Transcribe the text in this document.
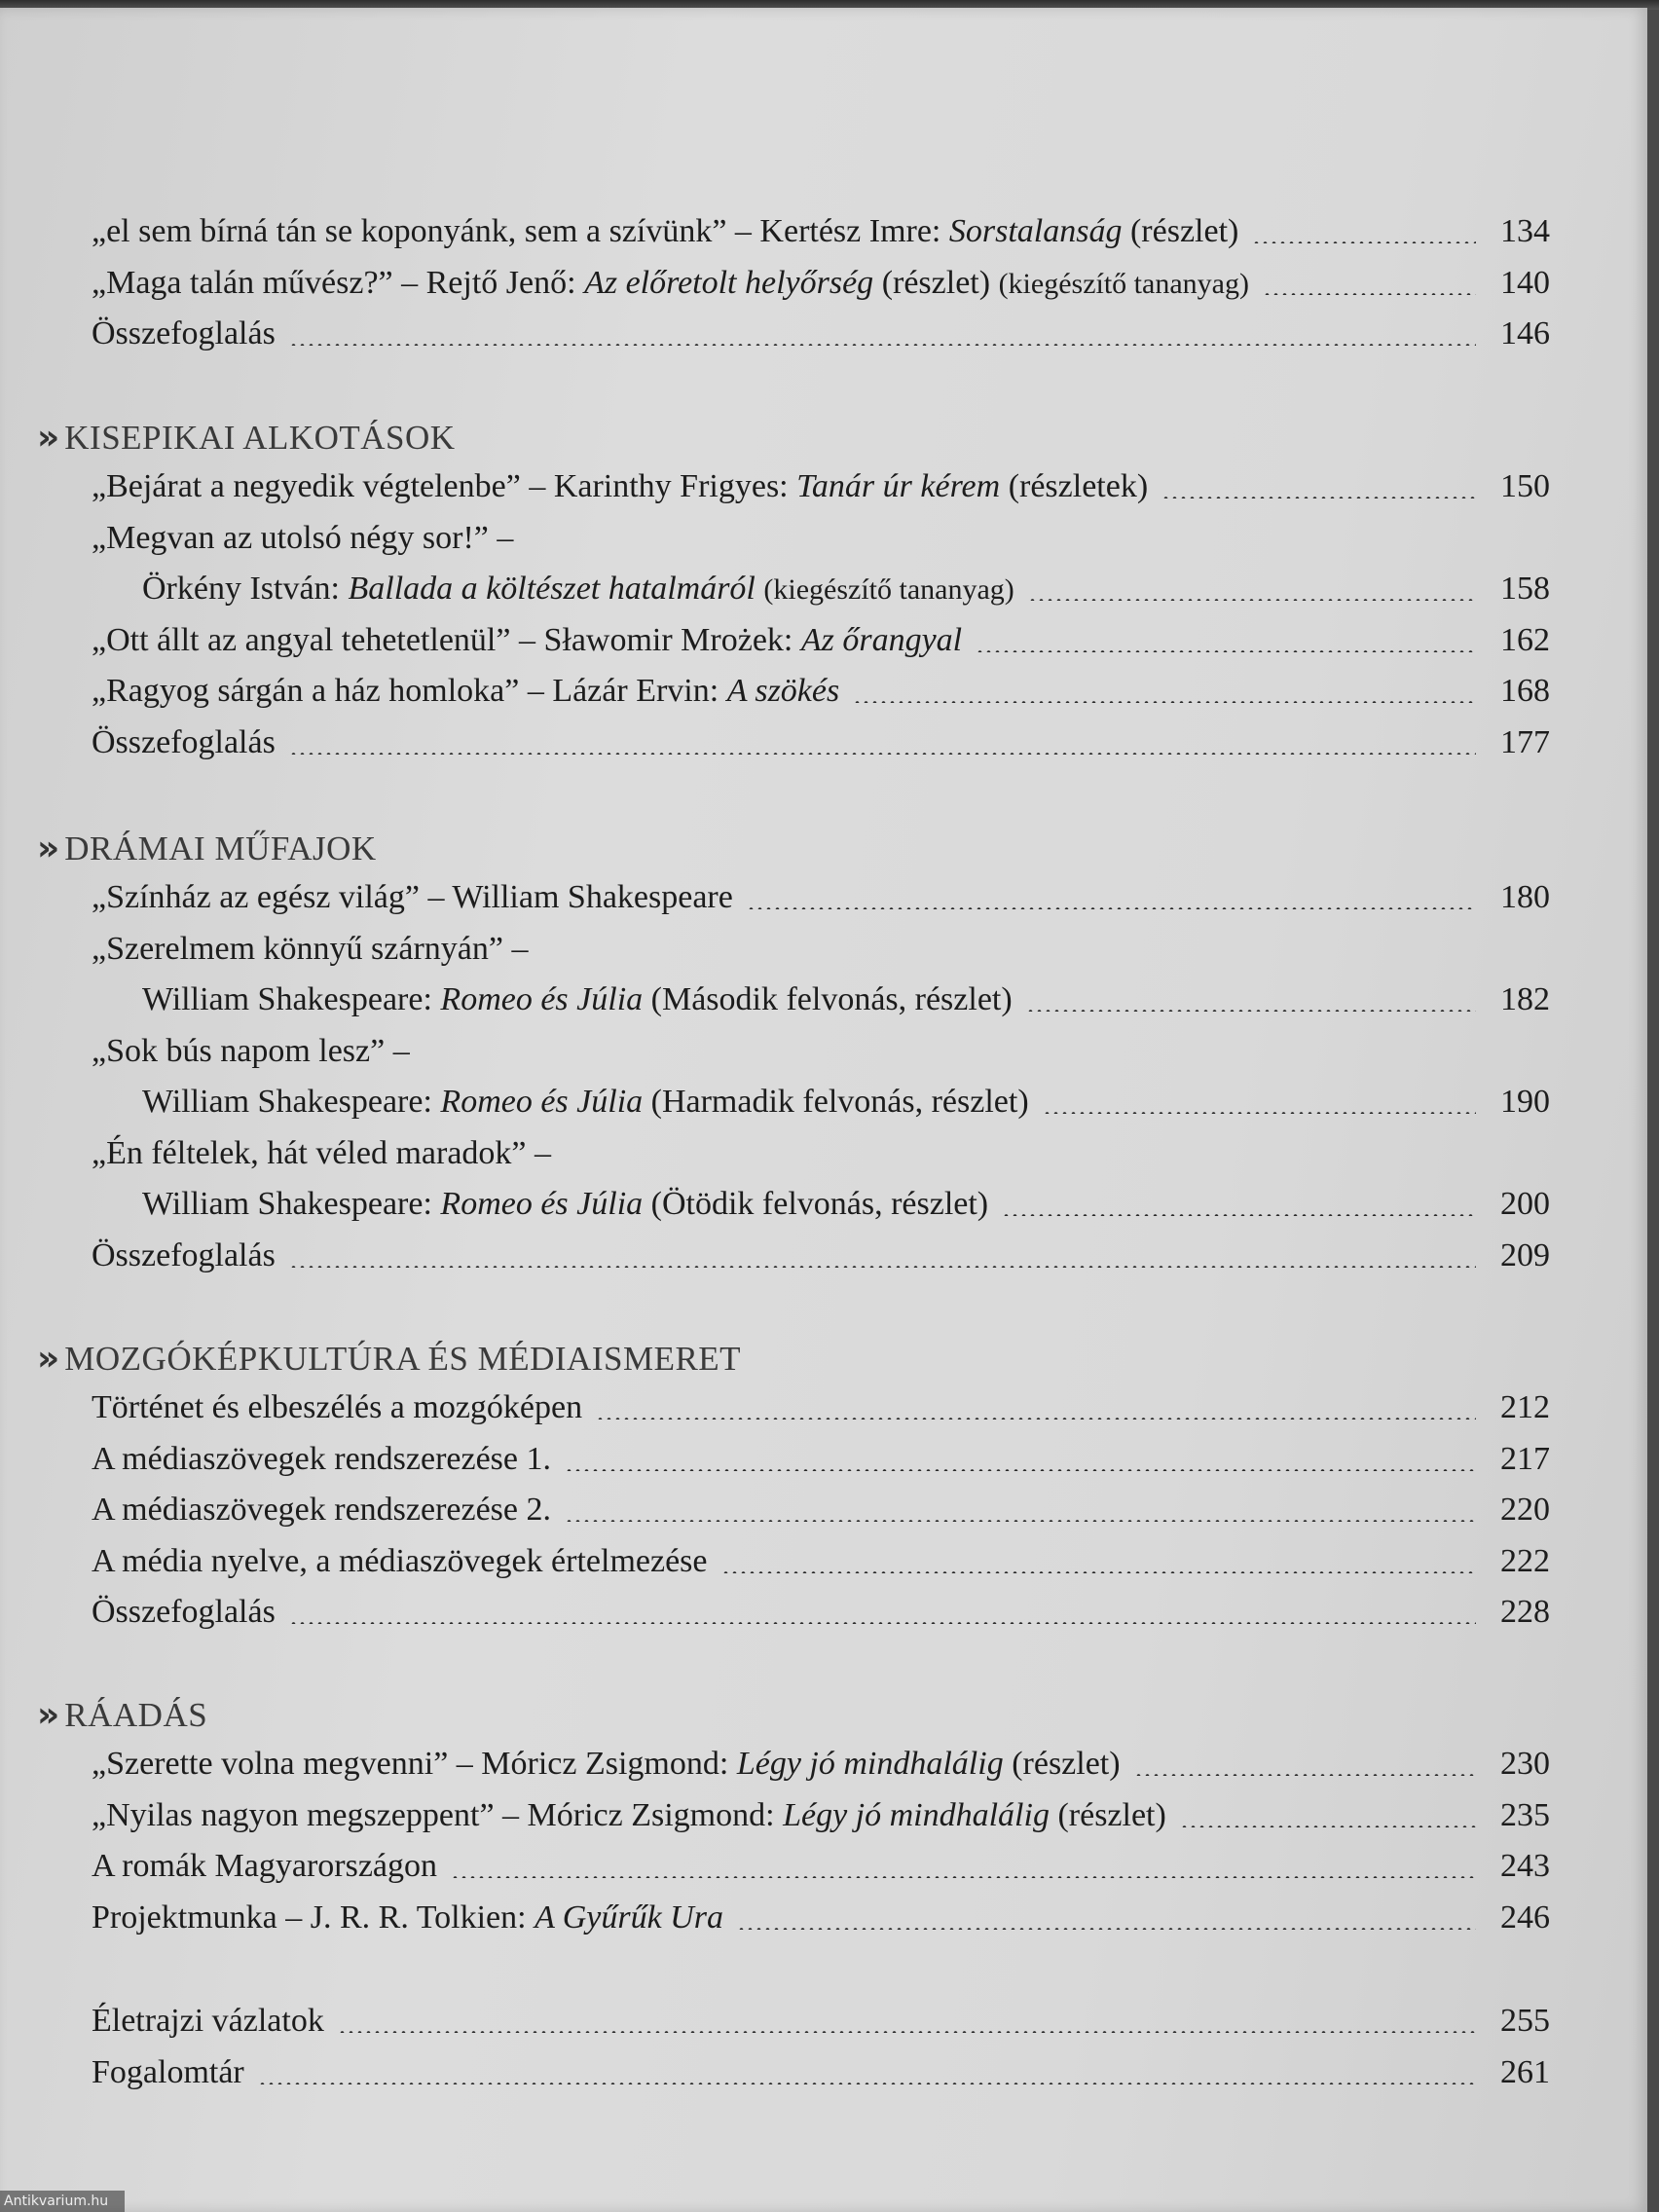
„el sem bírná tán se koponyánk, sem a szívünk” – Kertész Imre: Sorstalanság (részlet)	134
„Maga talán művész?” – Rejtő Jenő: Az előretolt helyőrség (részlet) (kiegészítő tananyag)	140
Összefoglalás	146
» KISEPIKAI ALKOTÁSOK
„Bejárat a negyedik végtelenbe” – Karinthy Frigyes: Tanár úr kérem (részletek)	150
„Megvan az utolsó négy sor!” –
Örkény István: Ballada a költészet hatalmáról (kiegészítő tananyag)	158
„Ott állt az angyal tehetetlenül” – Sławomir Mrożek: Az őrangyal	162
„Ragyog sárgán a ház homloka” – Lázár Ervin: A szökés	168
Összefoglalás	177
» DRÁMAI MŰFAJOK
„Színház az egész világ” – William Shakespeare	180
„Szerelmem könnyű szárnyán” –
William Shakespeare: Romeo és Júlia (Második felvonás, részlet)	182
„Sok bús napom lesz” –
William Shakespeare: Romeo és Júlia (Harmadik felvonás, részlet)	190
„Én féltelek, hát véled maradok” –
William Shakespeare: Romeo és Júlia (Ötödik felvonás, részlet)	200
Összefoglalás	209
» MOZGÓKÉPKULTÚRA ÉS MÉDIAISMERET
Történet és elbeszélés a mozgóképen	212
A médiaszövegek rendszerezése 1.	217
A médiaszövegek rendszerezése 2.	220
A média nyelve, a médiaszövegek értelmezése	222
Összefoglalás	228
» RÁADÁS
„Szerette volna megvenni” – Móricz Zsigmond: Légy jó mindhalálig (részlet)	230
„Nyilas nagyon megszeppent” – Móricz Zsigmond: Légy jó mindhalálig (részlet)	235
A romák Magyarországon	243
Projektmunka – J. R. R. Tolkien: A Gyűrűk Ura	246
Életrajzi vázlatok	255
Fogalomtár	261
Antikvarium.hu
